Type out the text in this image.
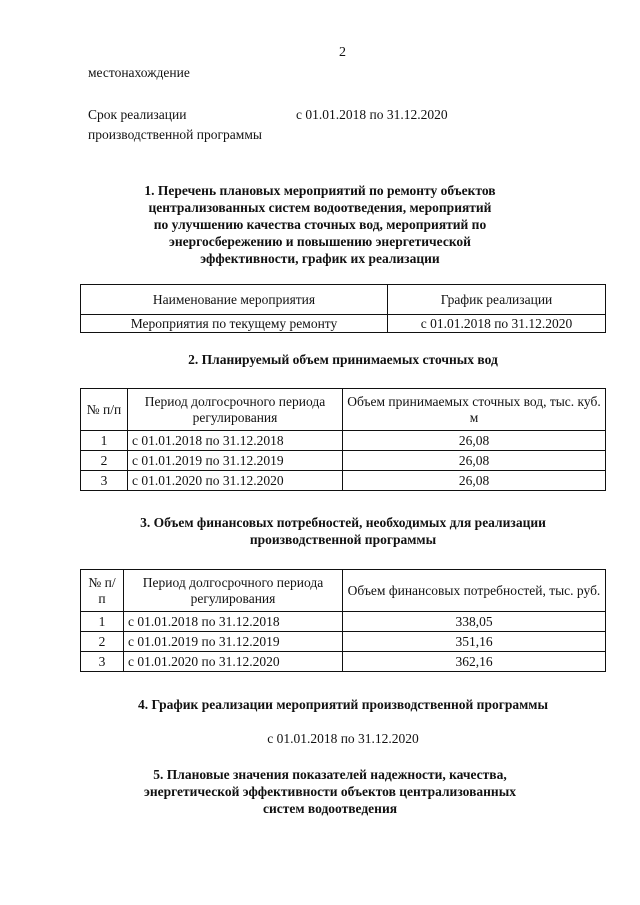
2
местонахождение
Срок реализации
производственной программы
с 01.01.2018 по 31.12.2020
1. Перечень плановых мероприятий по ремонту объектов
централизованных систем водоотведения, мероприятий
по улучшению качества сточных вод, мероприятий по
энергосбережению и повышению энергетической
эффективности, график их реализации
Наименование мероприятия	График реализации
Мероприятия по текущему ремонту	с 01.01.2018 по 31.12.2020
2. Планируемый объем принимаемых сточных вод
№ п/п	Период долгосрочного периода регулирования	Объем принимаемых сточных вод, тыс. куб. м
1	с 01.01.2018 по 31.12.2018	26,08
2	с 01.01.2019 по 31.12.2019	26,08
3	с 01.01.2020 по 31.12.2020	26,08
3. Объем финансовых потребностей, необходимых для реализации
производственной программы
№ п/п	Период долгосрочного периода регулирования	Объем финансовых потребностей, тыс. руб.
1	с 01.01.2018 по 31.12.2018	338,05
2	с 01.01.2019 по 31.12.2019	351,16
3	с 01.01.2020 по 31.12.2020	362,16
4. График реализации мероприятий производственной программы
с 01.01.2018 по 31.12.2020
5. Плановые значения показателей надежности, качества,
энергетической эффективности объектов централизованных
систем водоотведения
